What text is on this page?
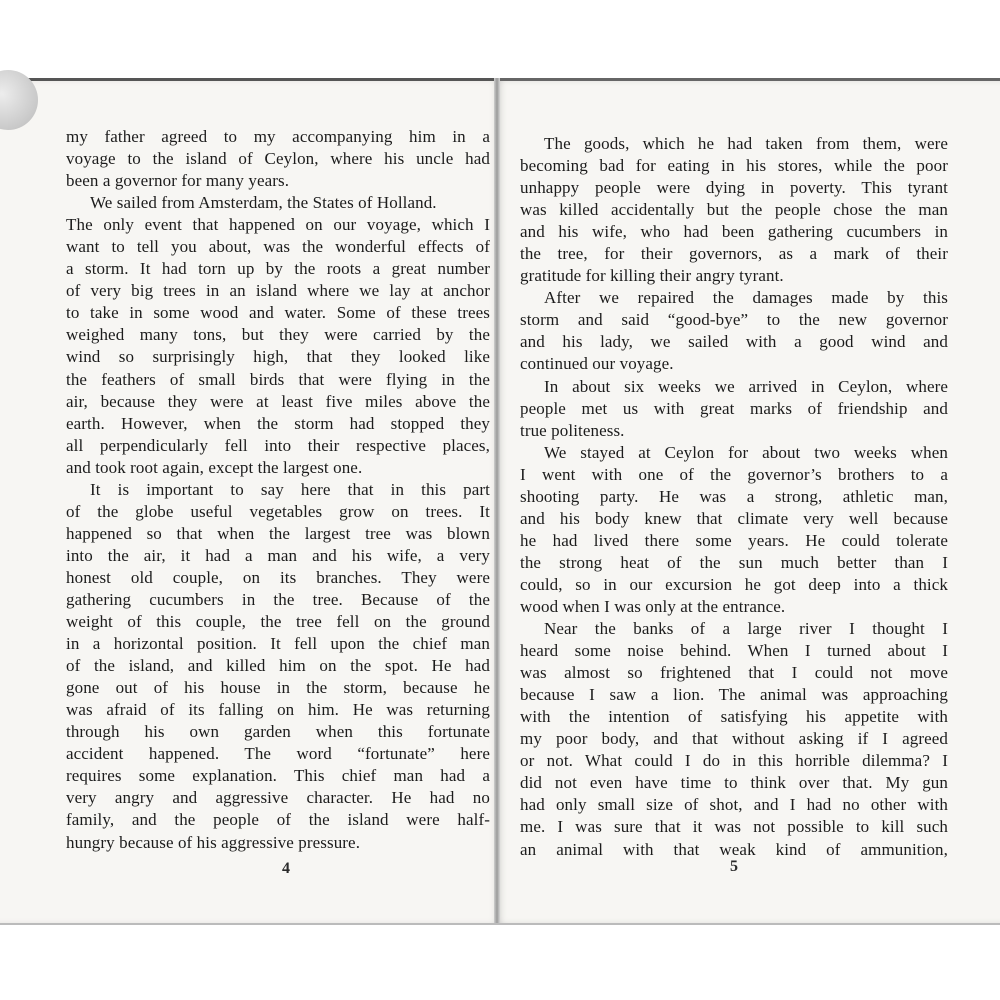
my father agreed to my accompanying him in a
voyage to the island of Ceylon, where his uncle had
been a governor for many years.
We sailed from Amsterdam, the States of Holland.
The only event that happened on our voyage, which I
want to tell you about, was the wonderful effects of
a storm. It had torn up by the roots a great number
of very big trees in an island where we lay at anchor
to take in some wood and water. Some of these trees
weighed many tons, but they were carried by the
wind so surprisingly high, that they looked like
the feathers of small birds that were flying in the
air, because they were at least five miles above the
earth. However, when the storm had stopped they
all perpendicularly fell into their respective places,
and took root again, except the largest one.
It is important to say here that in this part
of the globe useful vegetables grow on trees. It
happened so that when the largest tree was blown
into the air, it had a man and his wife, a very
honest old couple, on its branches. They were
gathering cucumbers in the tree. Because of the
weight of this couple, the tree fell on the ground
in a horizontal position. It fell upon the chief man
of the island, and killed him on the spot. He had
gone out of his house in the storm, because he
was afraid of its falling on him. He was returning
through his own garden when this fortunate
accident happened. The word “fortunate” here
requires some explanation. This chief man had a
very angry and aggressive character. He had no
family, and the people of the island were half-
hungry because of his aggressive pressure.
The goods, which he had taken from them, were
becoming bad for eating in his stores, while the poor
unhappy people were dying in poverty. This tyrant
was killed accidentally but the people chose the man
and his wife, who had been gathering cucumbers in
the tree, for their governors, as a mark of their
gratitude for killing their angry tyrant.
After we repaired the damages made by this
storm and said “good-bye” to the new governor
and his lady, we sailed with a good wind and
continued our voyage.
In about six weeks we arrived in Ceylon, where
people met us with great marks of friendship and
true politeness.
We stayed at Ceylon for about two weeks when
I went with one of the governor’s brothers to a
shooting party. He was a strong, athletic man,
and his body knew that climate very well because
he had lived there some years. He could tolerate
the strong heat of the sun much better than I
could, so in our excursion he got deep into a thick
wood when I was only at the entrance.
Near the banks of a large river I thought I
heard some noise behind. When I turned about I
was almost so frightened that I could not move
because I saw a lion. The animal was approaching
with the intention of satisfying his appetite with
my poor body, and that without asking if I agreed
or not. What could I do in this horrible dilemma? I
did not even have time to think over that. My gun
had only small size of shot, and I had no other with
me. I was sure that it was not possible to kill such
an animal with that weak kind of ammunition,
4	5
